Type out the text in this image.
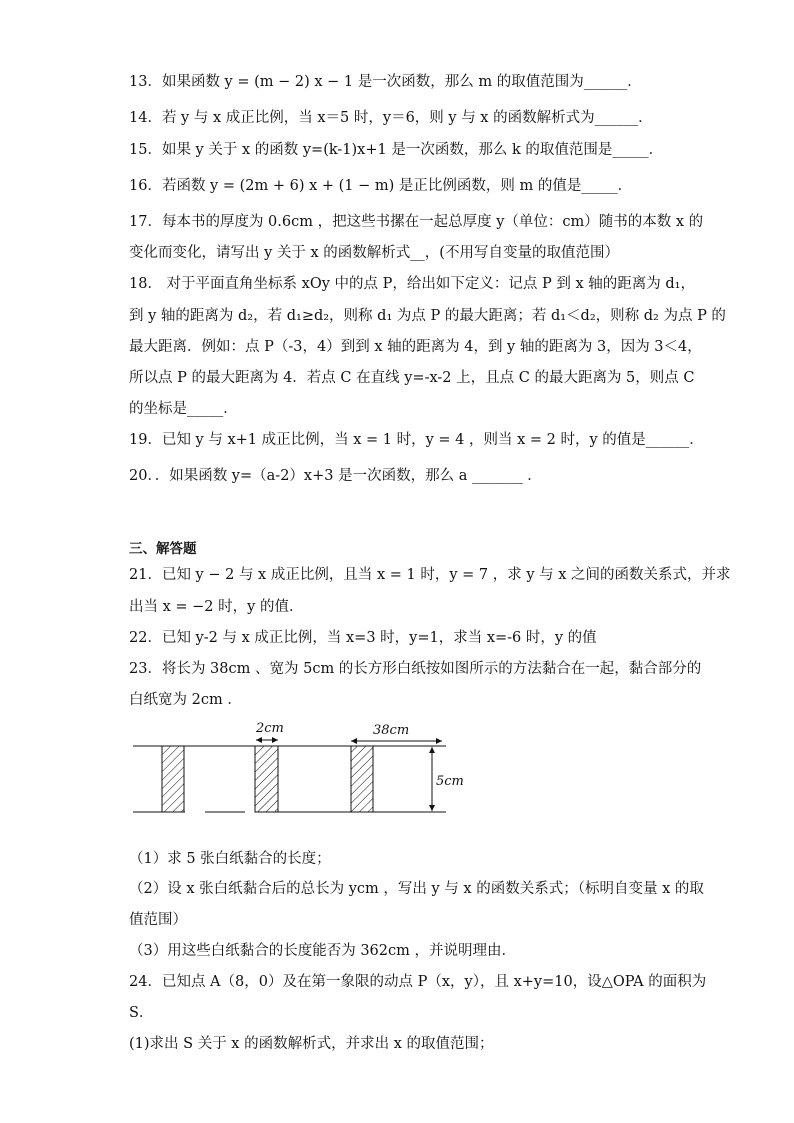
13．如果函数 y = (m − 2) x − 1 是一次函数，那么 m 的取值范围为______．
14．若 y 与 x 成正比例，当 x＝5 时，y＝6，则 y 与 x 的函数解析式为______．
15．如果 y 关于 x 的函数 y=(k-1)x+1 是一次函数，那么 k 的取值范围是_____．
16．若函数 y = (2m + 6) x + (1 − m) 是正比例函数，则 m 的值是_____．
17．每本书的厚度为 0.6cm ，把这些书摞在一起总厚度 y（单位：cm）随书的本数 x 的
变化而变化，请写出 y 关于 x 的函数解析式__，(不用写自变量的取值范围）
18． 对于平面直角坐标系 xOy 中的点 P，给出如下定义：记点 P 到 x 轴的距离为 d₁，
到 y 轴的距离为 d₂，若 d₁≥d₂，则称 d₁ 为点 P 的最大距离；若 d₁＜d₂，则称 d₂ 为点 P 的
最大距离．例如：点 P（-3，4）到到 x 轴的距离为 4，到 y 轴的距离为 3，因为 3＜4，
所以点 P 的最大距离为 4．若点 C 在直线 y=-x-2 上，且点 C 的最大距离为 5，则点 C
的坐标是_____．
19．已知 y 与 x+1 成正比例，当 x = 1 时，y = 4 ，则当 x = 2 时，y 的值是______．
20．．如果函数 y=（a-2）x+3 是一次函数，那么 a _______ ．
三、解答题
21．已知 y − 2 与 x 成正比例，且当 x = 1 时，y = 7 ，求 y 与 x 之间的函数关系式，并求
出当 x = −2 时，y 的值．
22．已知 y-2 与 x 成正比例，当 x=3 时，y=1，求当 x=-6 时，y 的值
23．将长为 38cm 、宽为 5cm 的长方形白纸按如图所示的方法黏合在一起，黏合部分的
白纸宽为 2cm ．
2cm	38cm
5cm
（1）求 5 张白纸黏合的长度；
（2）设 x 张白纸黏合后的总长为 ycm ，写出 y 与 x 的函数关系式；（标明自变量 x 的取
值范围）
（3）用这些白纸黏合的长度能否为 362cm ，并说明理由．
24．已知点 A（8，0）及在第一象限的动点 P（x，y），且 x+y=10，设△OPA 的面积为
S．
(1)求出 S 关于 x 的函数解析式，并求出 x 的取值范围；
